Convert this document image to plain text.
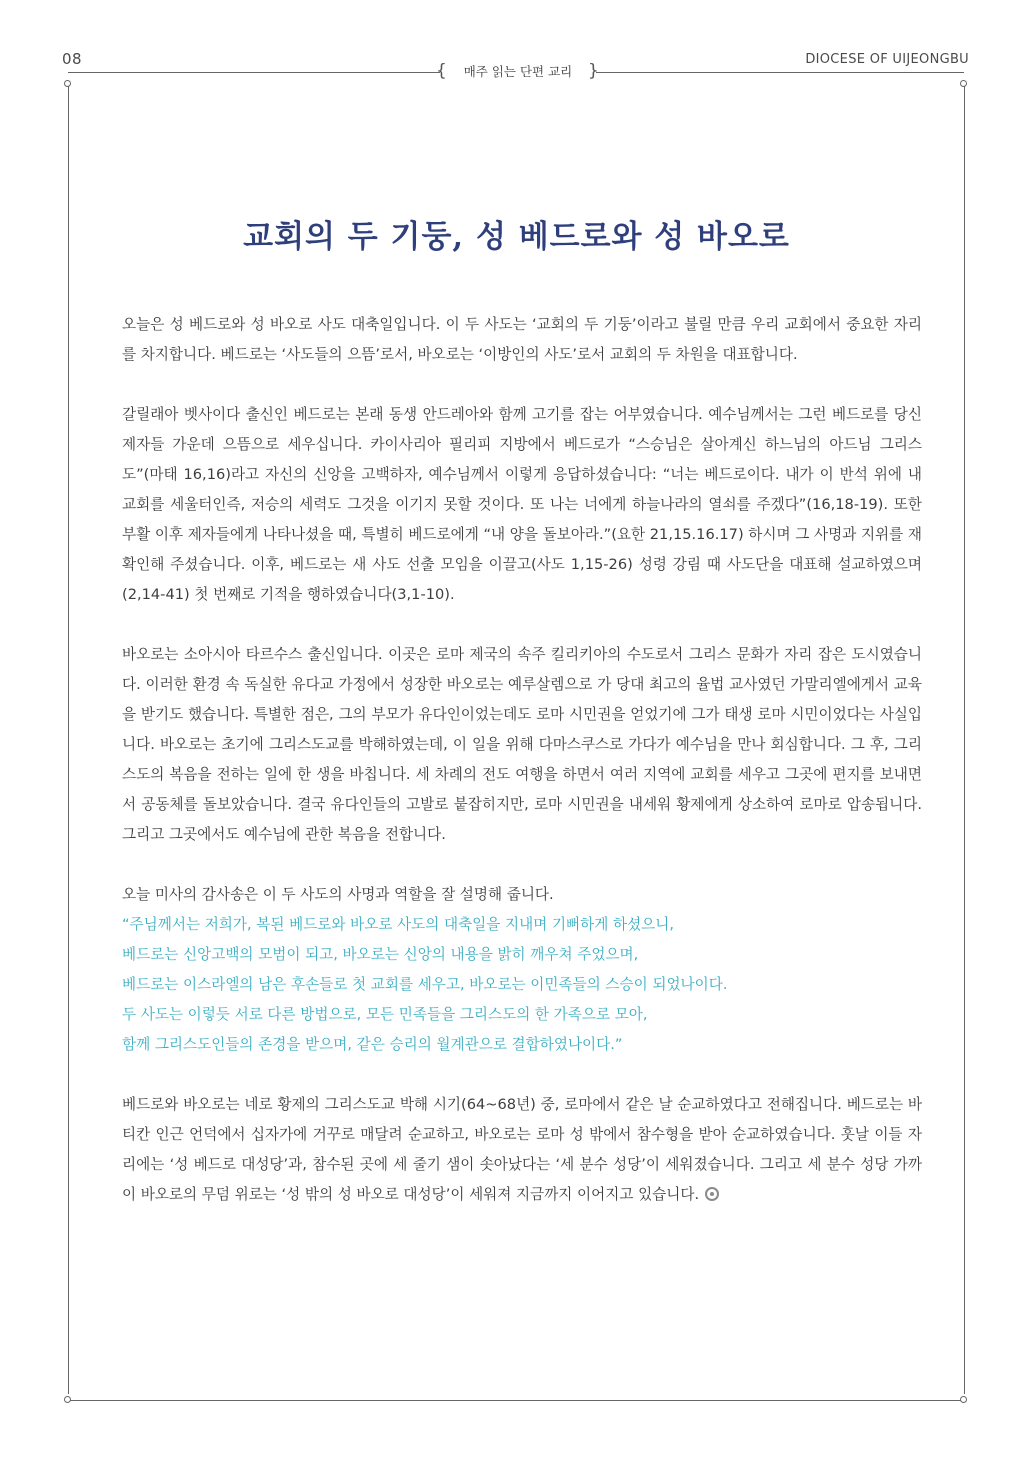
08	DIOCESE OF UIJEONGBU
{	매주 읽는 단편 교리 }
교회의 두 기둥, 성 베드로와 성 바오로

오늘은 성 베드로와 성 바오로 사도 대축일입니다. 이 두 사도는 ‘교회의 두 기둥’이라고 불릴 만큼 우리 교회에서 중요한 자리를 차지합니다. 베드로는 ‘사도들의 으뜸’로서, 바오로는 ‘이방인의 사도’로서 교회의 두 차원을 대표합니다.

갈릴래아 벳사이다 출신인 베드로는 본래 동생 안드레아와 함께 고기를 잡는 어부였습니다. 예수님께서는 그런 베드로를 당신 제자들 가운데 으뜸으로 세우십니다. 카이사리아 필리피 지방에서 베드로가 “스승님은 살아계신 하느님의 아드님 그리스도”(마태 16,16)라고 자신의 신앙을 고백하자, 예수님께서 이렇게 응답하셨습니다: “너는 베드로이다. 내가 이 반석 위에 내 교회를 세울터인즉, 저승의 세력도 그것을 이기지 못할 것이다. 또 나는 너에게 하늘나라의 열쇠를 주겠다”(16,18-19). 또한 부활 이후 제자들에게 나타나셨을 때, 특별히 베드로에게 “내 양을 돌보아라.”(요한 21,15.16.17) 하시며 그 사명과 지위를 재확인해 주셨습니다. 이후, 베드로는 새 사도 선출 모임을 이끌고(사도 1,15-26) 성령 강림 때 사도단을 대표해 설교하였으며(2,14-41) 첫 번째로 기적을 행하였습니다(3,1-10).

바오로는 소아시아 타르수스 출신입니다. 이곳은 로마 제국의 속주 킬리키아의 수도로서 그리스 문화가 자리 잡은 도시였습니다. 이러한 환경 속 독실한 유다교 가정에서 성장한 바오로는 예루살렘으로 가 당대 최고의 율법 교사였던 가말리엘에게서 교육을 받기도 했습니다. 특별한 점은, 그의 부모가 유다인이었는데도 로마 시민권을 얻었기에 그가 태생 로마 시민이었다는 사실입니다. 바오로는 초기에 그리스도교를 박해하였는데, 이 일을 위해 다마스쿠스로 가다가 예수님을 만나 회심합니다. 그 후, 그리스도의 복음을 전하는 일에 한 생을 바칩니다. 세 차례의 전도 여행을 하면서 여러 지역에 교회를 세우고 그곳에 편지를 보내면서 공동체를 돌보았습니다. 결국 유다인들의 고발로 붙잡히지만, 로마 시민권을 내세워 황제에게 상소하여 로마로 압송됩니다. 그리고 그곳에서도 예수님에 관한 복음을 전합니다.

오늘 미사의 감사송은 이 두 사도의 사명과 역할을 잘 설명해 줍니다.

“주님께서는 저희가, 복된 베드로와 바오로 사도의 대축일을 지내며 기뻐하게 하셨으니,
베드로는 신앙고백의 모범이 되고, 바오로는 신앙의 내용을 밝히 깨우쳐 주었으며,
베드로는 이스라엘의 남은 후손들로 첫 교회를 세우고, 바오로는 이민족들의 스승이 되었나이다.
두 사도는 이렇듯 서로 다른 방법으로, 모든 민족들을 그리스도의 한 가족으로 모아,
함께 그리스도인들의 존경을 받으며, 같은 승리의 월계관으로 결합하였나이다.”

베드로와 바오로는 네로 황제의 그리스도교 박해 시기(64~68년) 중, 로마에서 같은 날 순교하였다고 전해집니다. 베드로는 바티칸 인근 언덕에서 십자가에 거꾸로 매달려 순교하고, 바오로는 로마 성 밖에서 참수형을 받아 순교하였습니다. 훗날 이들 자리에는 ‘성 베드로 대성당’과, 참수된 곳에 세 줄기 샘이 솟아났다는 ‘세 분수 성당’이 세워졌습니다. 그리고 세 분수 성당 가까이 바오로의 무덤 위로는 ‘성 밖의 성 바오로 대성당’이 세워져 지금까지 이어지고 있습니다.
